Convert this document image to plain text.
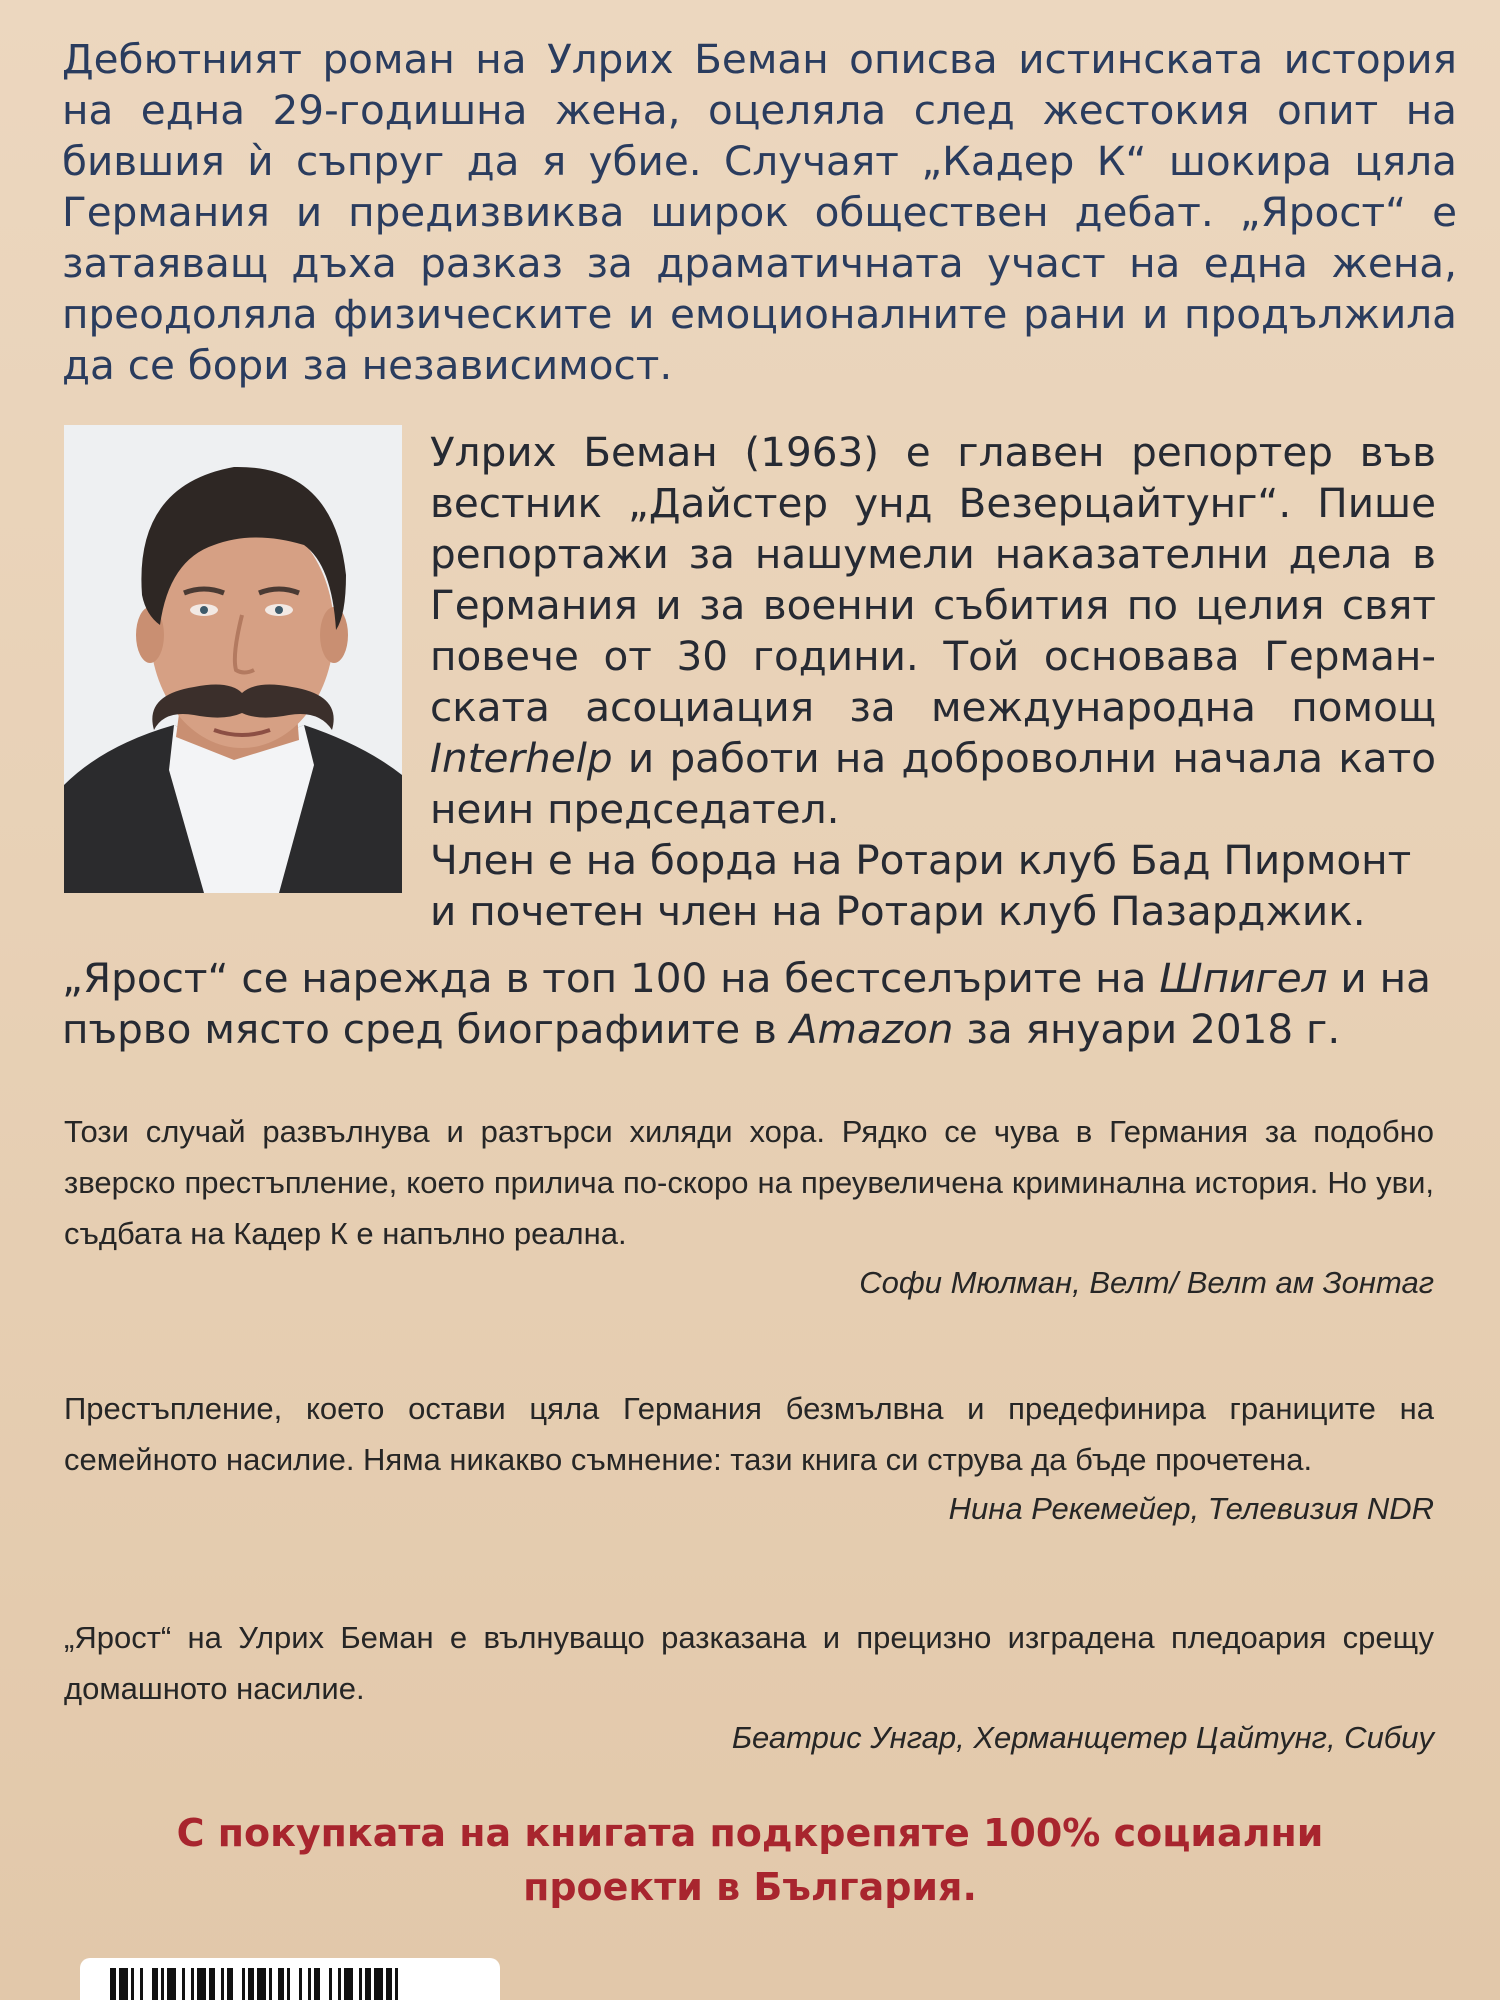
Дебютният роман на Улрих Беман описва истинската история на една 29-годишна жена, оцеляла след жестокия опит на бившия ѝ съпруг да я убие. Случаят „Кадер К“ шокира цяла Германия и предизвиква широк обществен дебат. „Ярост“ е затаяващ дъха разказ за драматичната участ на една жена, преодоляла физическите и емоционалните рани и продължила да се бори за независимост.

Улрих Беман (1963) е главен репортер във вестник „Дайстер унд Везерцайтунг“. Пише репортажи за нашумели наказателни дела в Германия и за военни събития по целия свят повече от 30 години. Той основава Германската асоциация за международна помощ Interhelp и работи на доброволни начала като неин председател.

Член е на борда на Ротари клуб Бад Пирмонт и почетен член на Ротари клуб Пазарджик.

„Ярост“ се нарежда в топ 100 на бестселърите на Шпигел и на първо място сред биографиите в Amazon за януари 2018 г.

Този случай развълнува и разтърси хиляди хора. Рядко се чува в Германия за подобно зверско престъпление, което прилича по-скоро на преувеличена криминална история. Но уви, съдбата на Кадер К е напълно реална.

Софи Мюлман, Велт/ Велт ам Зонтаг

Престъпление, което остави цяла Германия безмълвна и предефинира границите на семейното насилие. Няма никакво съмнение: тази книга си струва да бъде прочетена.

Нина Рекемейер, Телевизия NDR

„Ярост“ на Улрих Беман е вълнуващо разказана и прецизно изградена пледоария срещу домашното насилие.

Беатрис Унгар, Херманщетер Цайтунг, Сибиу
С покупката на книгата подкрепяте 100% социални
проекти в България.
